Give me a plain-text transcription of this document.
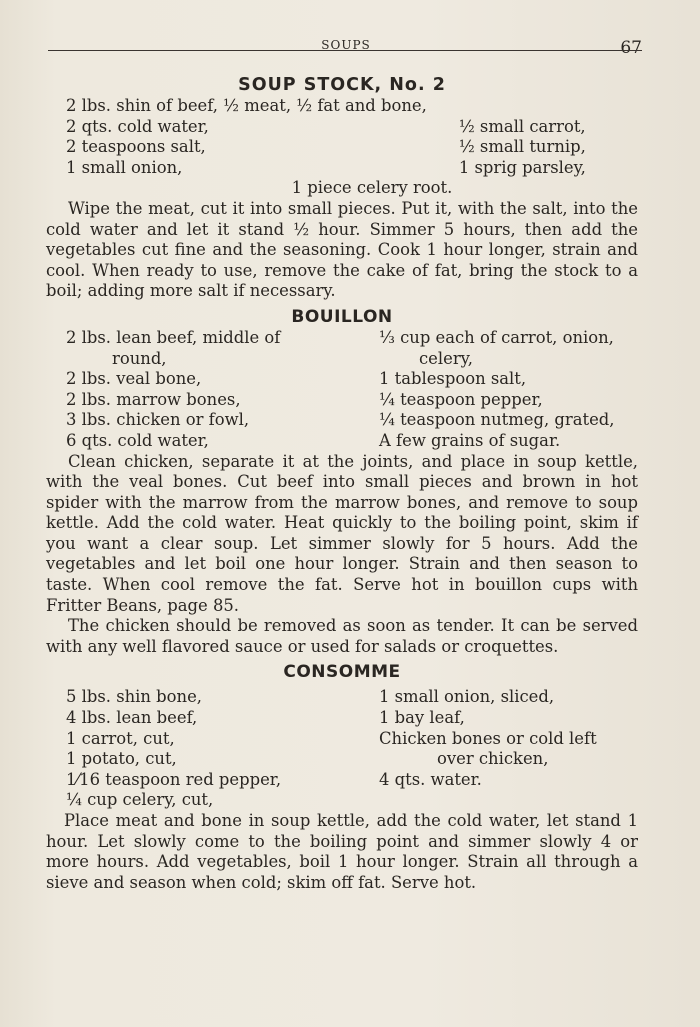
SOUPS	67
SOUP STOCK, No. 2
2 lbs. shin of beef, ½ meat, ½ fat and bone,
2 qts. cold water,
2 teaspoons salt,
1 small onion,

½ small carrot,
½ small turnip,
1 sprig parsley,
1 piece celery root.

Wipe the meat, cut it into small pieces. Put it, with the salt, into the cold water and let it stand ½ hour. Simmer 5 hours, then add the vegetables cut fine and the seasoning. Cook 1 hour longer, strain and cool. When ready to use, remove the cake of fat, bring the stock to a boil; adding more salt if necessary.

BOUILLON
2 lbs. lean beef, middle of
round,
2 lbs. veal bone,
2 lbs. marrow bones,
3 lbs. chicken or fowl,
6 qts. cold water,
⅓ cup each of carrot, onion,
celery,
1 tablespoon salt,
¼ teaspoon pepper,
¼ teaspoon nutmeg, grated,
A few grains of sugar.

Clean chicken, separate it at the joints, and place in soup kettle, with the veal bones. Cut beef into small pieces and brown in hot spider with the marrow from the marrow bones, and remove to soup kettle. Add the cold water. Heat quickly to the boiling point, skim if you want a clear soup. Let simmer slowly for 5 hours. Add the vegetables and let boil one hour longer. Strain and then season to taste. When cool remove the fat. Serve hot in bouillon cups with Fritter Beans, page 85.

The chicken should be removed as soon as tender. It can be served with any well flavored sauce or used for salads or croquettes.

CONSOMME
5 lbs. shin bone,
4 lbs. lean beef,
1 carrot, cut,
1 potato, cut,
1⁄16 teaspoon red pepper,
¼ cup celery, cut,
1 small onion, sliced,
1 bay leaf,
Chicken bones or cold left
over chicken,
4 qts. water.

Place meat and bone in soup kettle, add the cold water, let stand 1 hour. Let slowly come to the boiling point and simmer slowly 4 or more hours. Add vegetables, boil 1 hour longer. Strain all through a sieve and season when cold; skim off fat. Serve hot.
